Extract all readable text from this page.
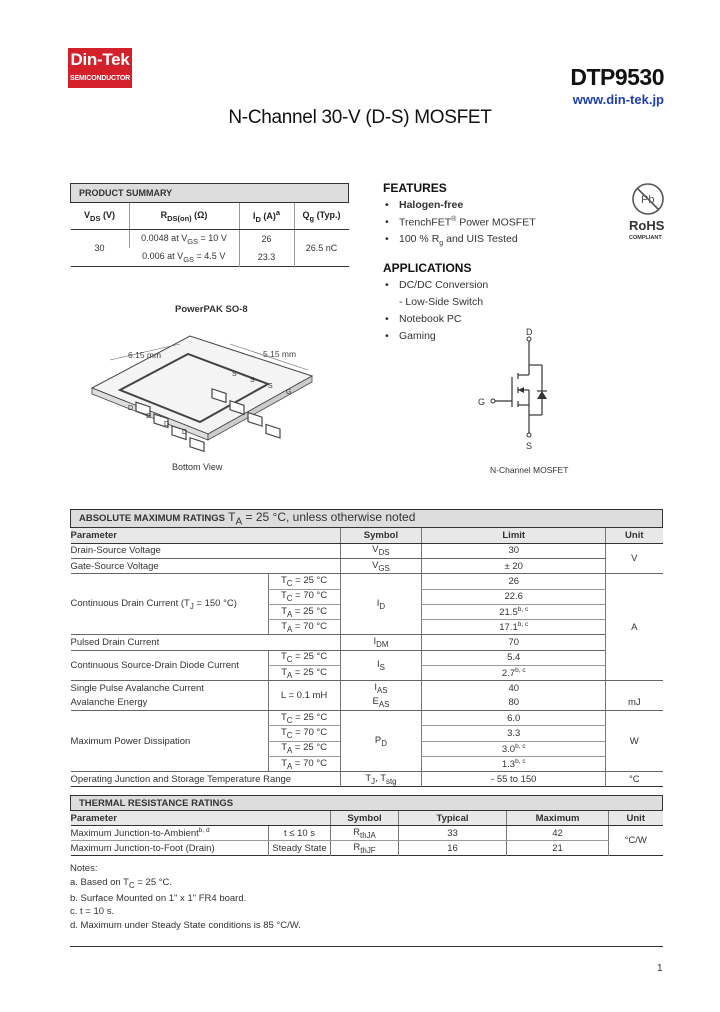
Din-Tek
SEMICONDUCTOR	DTP9530
www.din-tek.jp
N-Channel 30-V (D-S) MOSFET
PRODUCT SUMMARY			
$V_{DS}$ (V)	$R_{DS(on)}$ (Ω)	$I_D$ $(A)^a$	$Q_g$ (Typ.)
30	0.0048 at $V_{GS} = 10$ V	26	26.5 nC
	0.006 at $V_{GS} = 4.5$ V	23.3	
PowerPAK SO-8
6.15 mm	5.15 mm
D
D
D
D
S
S
S
G
Bottom View
FEATURES
• Halogen-free
• TrenchFET® Power MOSFET
• 100 % $R_g$ and UIS Tested
Pb
RoHS
COMPLIANT
APPLICATIONS
• DC/DC Conversion
- Low-Side Switch
• Notebook PC
• Gaming	D
G
S
N-Channel MOSFET
ABSOLUTE MAXIMUM RATINGS $T_A = 25$ °C, unless otherwise noted				
Parameter		Symbol	Limit	Unit
Drain-Source Voltage		$V_{DS}$	30	V
Gate-Source Voltage		$V_{GS}$	± 20	
Continuous Drain Current ($T_J = 150$ °C)	$T_C = 25$ °C	$I_D$	26	A
	$T_C = 70$ °C		22.6	
	$T_A = 25$ °C		21.5$^{b, c}$
	$T_A = 70$ °C		17.1$^{b, c}$
Pulsed Drain Current		$I_{DM}$	70	
Continuous Source-Drain Diode Current	$T_C = 25$ °C	$I_S$	5.4	
	$T_A = 25$ °C		2.7$^{b, c}$
Single Pulse Avalanche Current	L = 0.1 mH	$I_{AS}$	40	
Avalanche Energy		$E_{AS}$	80	mJ
Maximum Power Dissipation	$T_C = 25$ °C	$P_D$	6.0	W
	$T_C = 70$ °C		3.3	
	$T_A = 25$ °C		3.0$^{b, c}$
	$T_A = 70$ °C		1.3$^{b, c}$
Operating Junction and Storage Temperature Range		$T_J$, $T_{stg}$	- 55 to 150	°C
THERMAL RESISTANCE RATINGS					
Parameter		Symbol	Typical	Maximum	Unit
Maximum Junction-to-Ambient$^{b, d}$	t ≤ 10 s	$R_{thJA}$	33	42	°C/W
Maximum Junction-to-Foot (Drain)	Steady State	$R_{thJF}$	16	21	
Notes:
a. Based on $T_C = 25$ °C.
b. Surface Mounted on 1" x 1" FR4 board.
c. t = 10 s.
d. Maximum under Steady State conditions is 85 °C/W.
1
